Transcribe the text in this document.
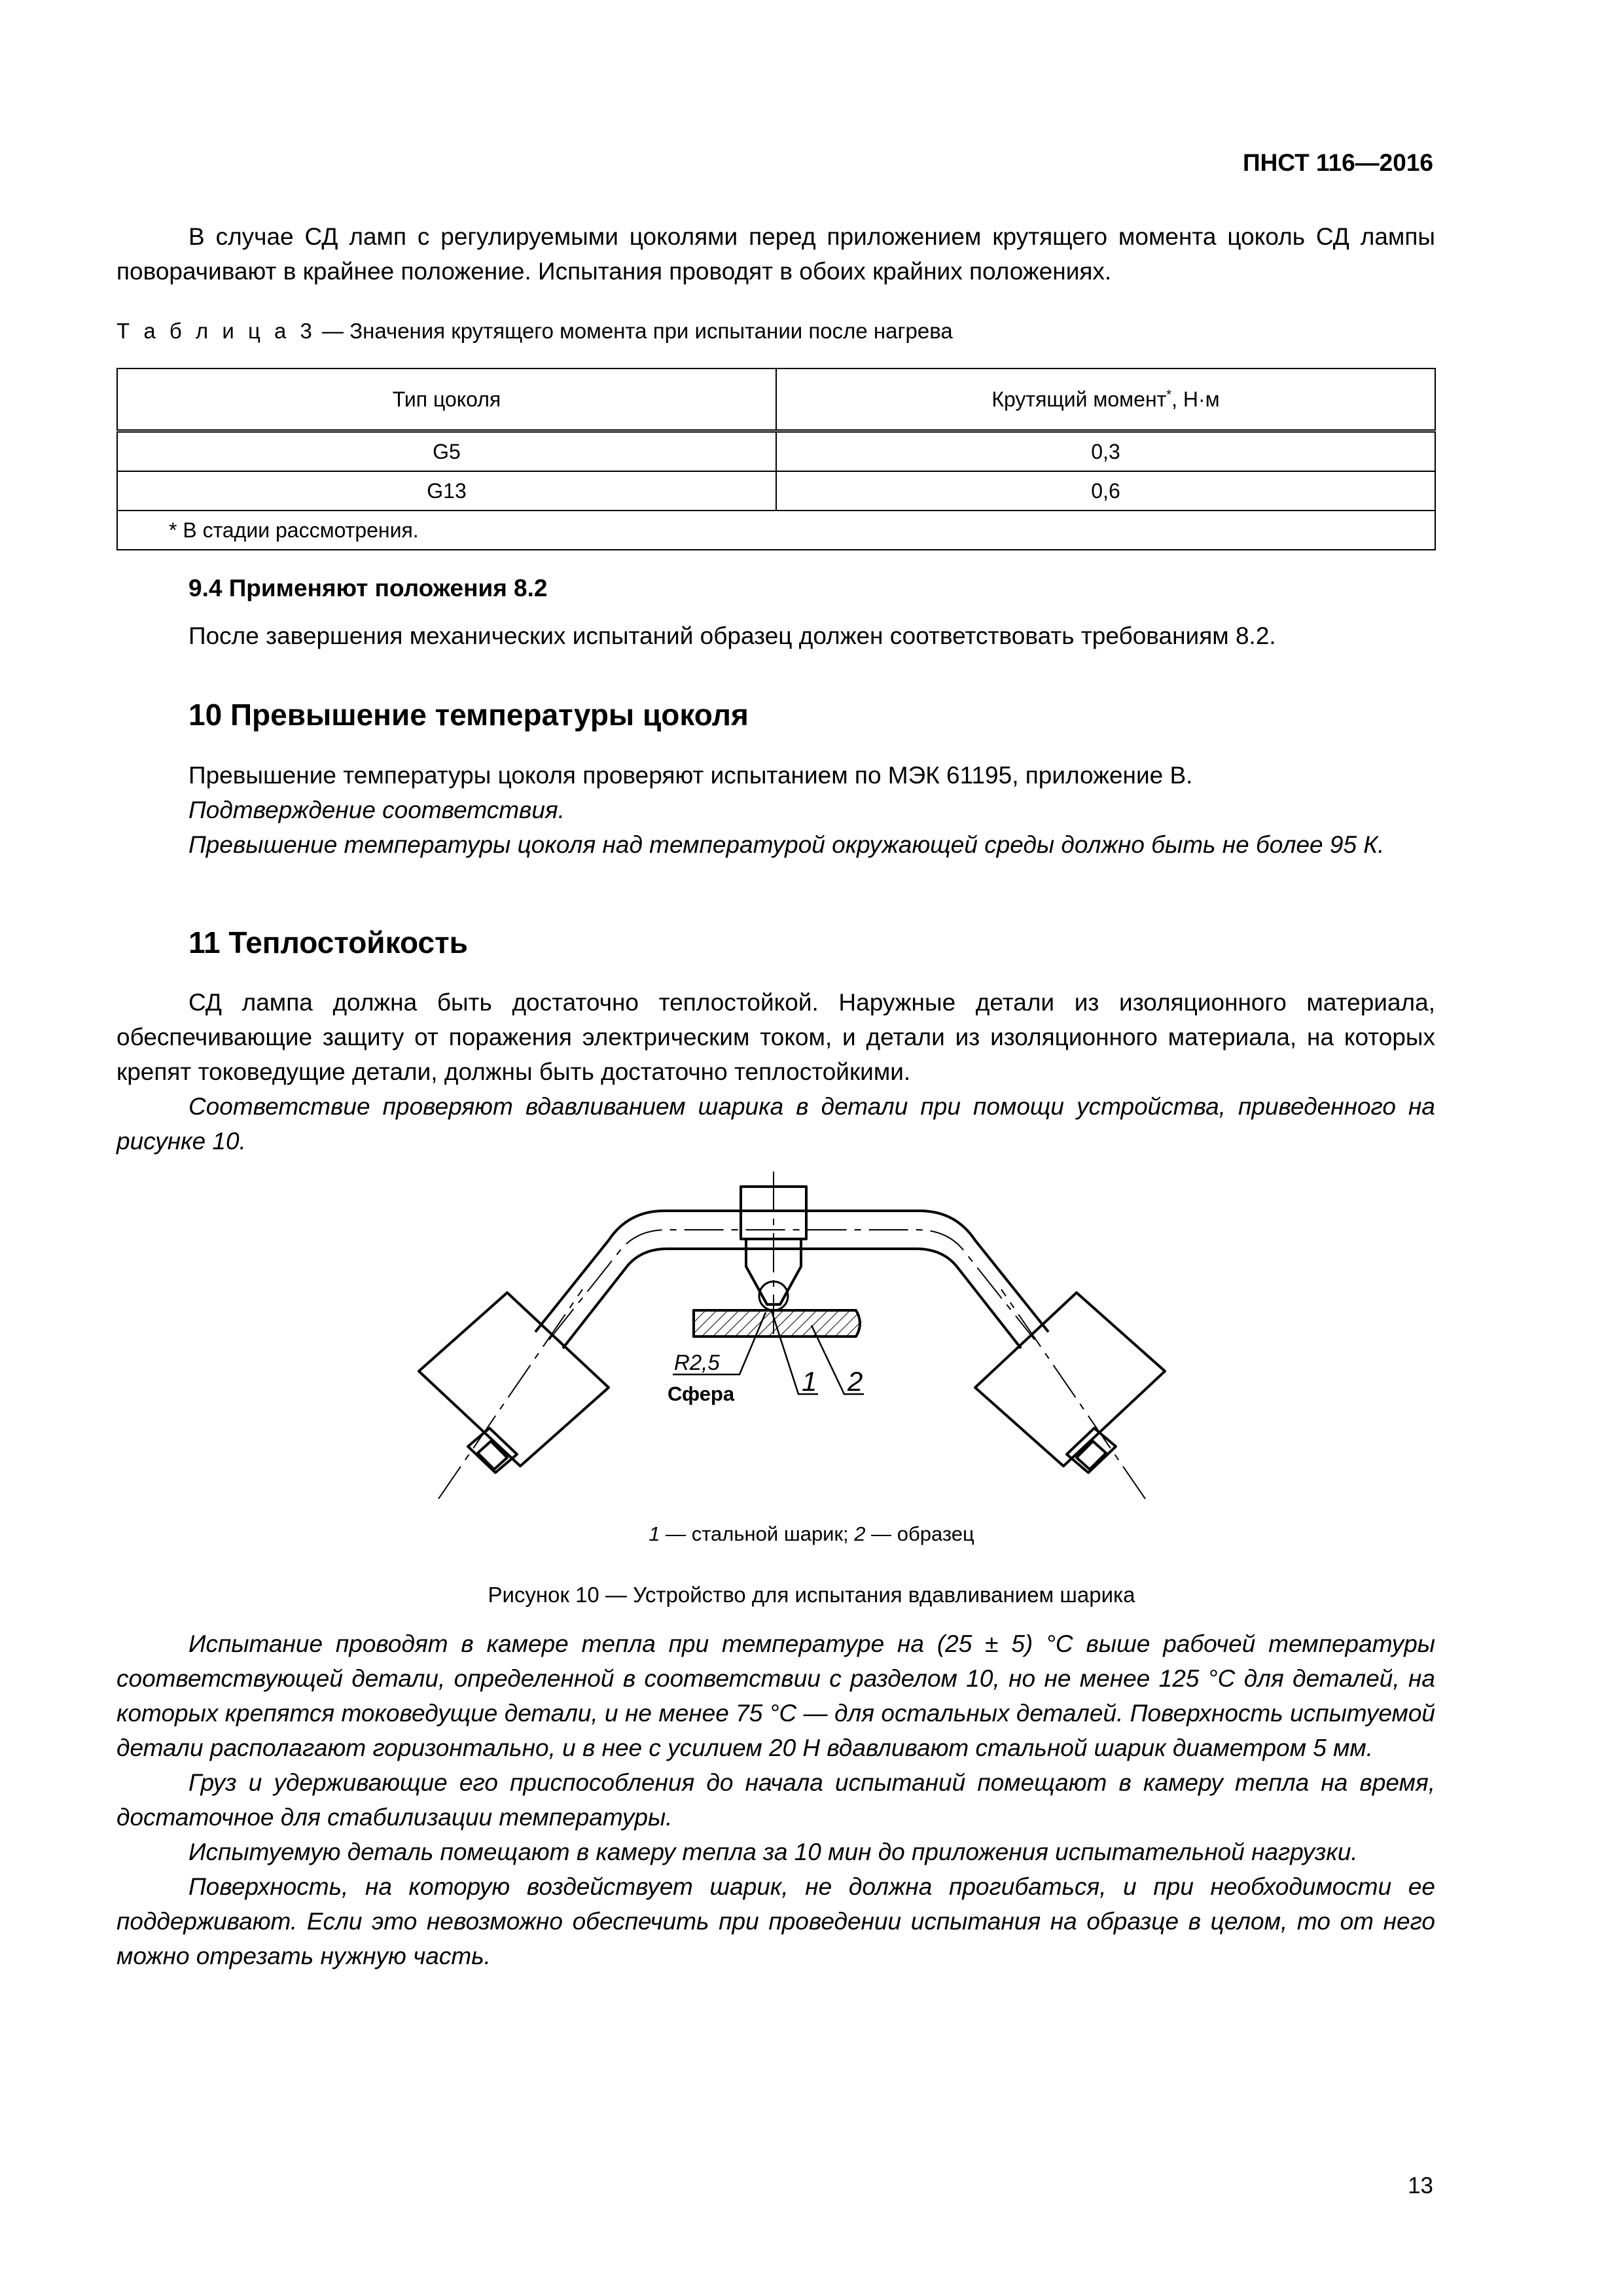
ПНСТ 116—2016

В случае СД ламп с регулируемыми цоколями перед приложением крутящего момента цоколь СД лампы поворачивают в крайнее положение. Испытания проводят в обоих крайних положениях.

Т а б л и ц а 3 — Значения крутящего момента при испытании после нагрева
Тип цоколя	Крутящий момент*, Н·м
G5	0,3
G13	0,6
* В стадии рассмотрения.	
9.4 Применяют положения 8.2

После завершения механических испытаний образец должен соответствовать требованиям 8.2.

10 Превышение температуры цоколя

Превышение температуры цоколя проверяют испытанием по МЭК 61195, приложение В.

Подтверждение соответствия.

Превышение температуры цоколя над температурой окружающей среды должно быть не более 95 К.

11 Теплостойкость

СД лампа должна быть достаточно теплостойкой. Наружные детали из изоляционного материала, обеспечивающие защиту от поражения электрическим током, и детали из изоляционного материала, на которых крепят токоведущие детали, должны быть достаточно теплостойкими.

Соответствие проверяют вдавливанием шарика в детали при помощи устройства, приведенного на рисунке 10.

R2,5
Сфера 1 2
1 — стальной шарик; 2 — образец
Рисунок 10 — Устройство для испытания вдавливанием шарика

Испытание проводят в камере тепла при температуре на (25 ± 5) °С выше рабочей температуры соответствующей детали, определенной в соответствии с разделом 10, но не менее 125 °С для деталей, на которых крепятся токоведущие детали, и не менее 75 °С — для остальных деталей. Поверхность испытуемой детали располагают горизонтально, и в нее с усилием 20 Н вдавливают стальной шарик диаметром 5 мм.

Груз и удерживающие его приспособления до начала испытаний помещают в камеру тепла на время, достаточное для стабилизации температуры.

Испытуемую деталь помещают в камеру тепла за 10 мин до приложения испытательной нагрузки.

Поверхность, на которую воздействует шарик, не должна прогибаться, и при необходимости ее поддерживают. Если это невозможно обеспечить при проведении испытания на образце в целом, то от него можно отрезать нужную часть.

13
